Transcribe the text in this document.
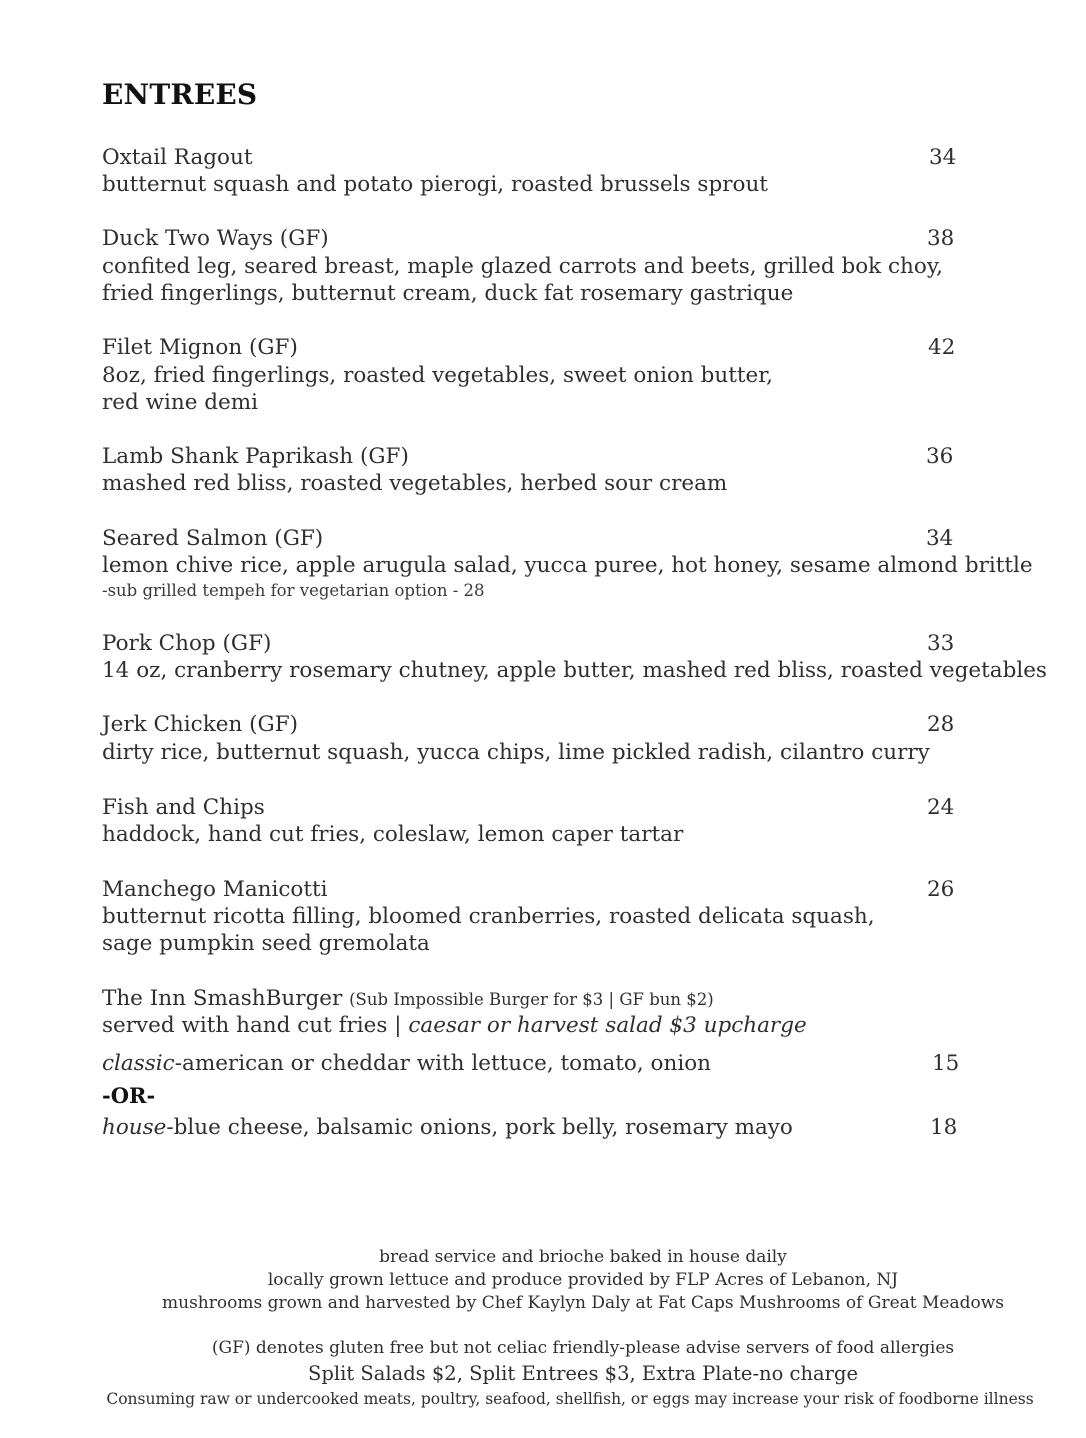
ENTREES
Oxtail Ragout	34
butternut squash and potato pierogi, roasted brussels sprout
Duck Two Ways (GF)	38
confited leg, seared breast, maple glazed carrots and beets, grilled bok choy,
fried fingerlings, butternut cream, duck fat rosemary gastrique
Filet Mignon (GF)	42
8oz, fried fingerlings, roasted vegetables, sweet onion butter,
red wine demi
Lamb Shank Paprikash (GF)	36
mashed red bliss, roasted vegetables, herbed sour cream
Seared Salmon (GF)	34
lemon chive rice, apple arugula salad, yucca puree, hot honey, sesame almond brittle
-sub grilled tempeh for vegetarian option - 28
Pork Chop (GF)	33
14 oz, cranberry rosemary chutney, apple butter, mashed red bliss, roasted vegetables
Jerk Chicken (GF)	28
dirty rice, butternut squash, yucca chips, lime pickled radish, cilantro curry
Fish and Chips	24
haddock, hand cut fries, coleslaw, lemon caper tartar
Manchego Manicotti	26
butternut ricotta filling, bloomed cranberries, roasted delicata squash,
sage pumpkin seed gremolata
The Inn SmashBurger (Sub Impossible Burger for $3 | GF bun $2)
served with hand cut fries | caesar or harvest salad $3 upcharge
classic-american or cheddar with lettuce, tomato, onion	15
-OR-
house-blue cheese, balsamic onions, pork belly, rosemary mayo	18
bread service and brioche baked in house daily
locally grown lettuce and produce provided by FLP Acres of Lebanon, NJ
mushrooms grown and harvested by Chef Kaylyn Daly at Fat Caps Mushrooms of Great Meadows
(GF) denotes gluten free but not celiac friendly-please advise servers of food allergies
Split Salads $2, Split Entrees $3, Extra Plate-no charge
Consuming raw or undercooked meats, poultry, seafood, shellfish, or eggs may increase your risk of foodborne illness
